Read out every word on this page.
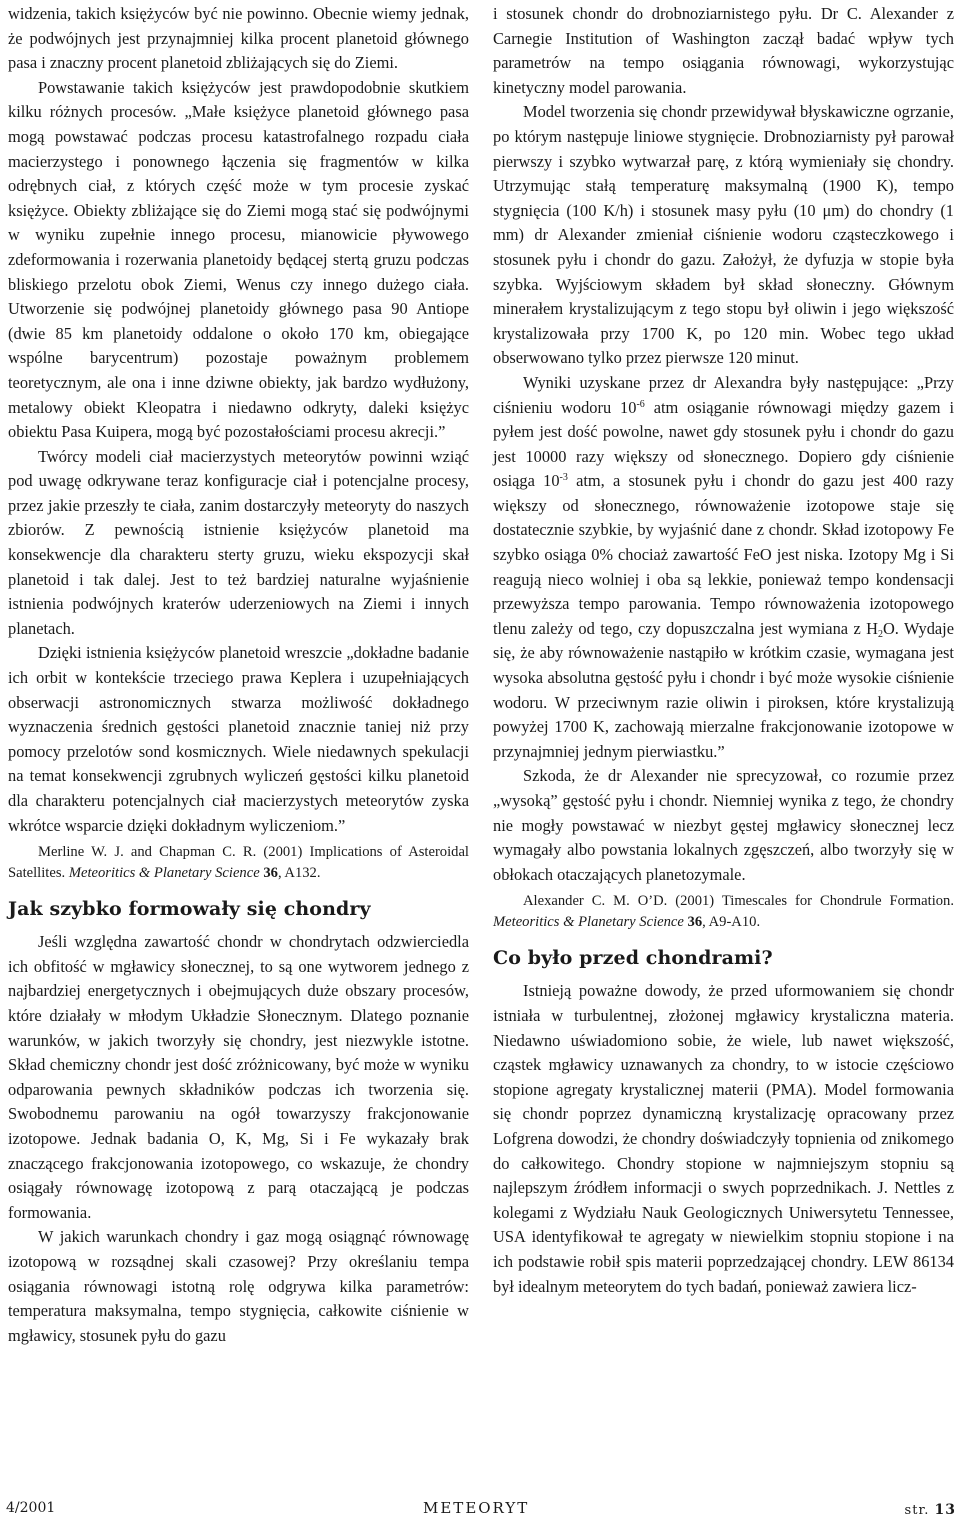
widzenia, takich księżyców być nie powinno. Obecnie wiemy jednak, że podwójnych jest przynajmniej kilka procent planetoid głównego pasa i znaczny procent planetoid zbliżających się do Ziemi.

Powstawanie takich księżyców jest prawdopodobnie skutkiem kilku różnych procesów. „Małe księżyce planetoid głównego pasa mogą powstawać podczas procesu katastrofalnego rozpadu ciała macierzystego i ponownego łączenia się fragmentów w kilka odrębnych ciał, z których część może w tym procesie zyskać księżyce. Obiekty zbliżające się do Ziemi mogą stać się podwójnymi w wyniku zupełnie innego procesu, mianowicie pływowego zdeformowania i rozerwania planetoidy będącej stertą gruzu podczas bliskiego przelotu obok Ziemi, Wenus czy innego dużego ciała. Utworzenie się podwójnej planetoidy głównego pasa 90 Antiope (dwie 85 km planetoidy oddalone o około 170 km, obiegające wspólne barycentrum) pozostaje poważnym problemem teoretycznym, ale ona i inne dziwne obiekty, jak bardzo wydłużony, metalowy obiekt Kleopatra i niedawno odkryty, daleki księżyc obiektu Pasa Kuipera, mogą być pozostałościami procesu akrecji.”

Twórcy modeli ciał macierzystych meteorytów powinni wziąć pod uwagę odkrywane teraz konfiguracje ciał i potencjalne procesy, przez jakie przeszły te ciała, zanim dostarczyły meteoryty do naszych zbiorów. Z pewnością istnienie księżyców planetoid ma konsekwencje dla charakteru sterty gruzu, wieku ekspozycji skał planetoid i tak dalej. Jest to też bardziej naturalne wyjaśnienie istnienia podwójnych kraterów uderzeniowych na Ziemi i innych planetach.

Dzięki istnienia księżyców planetoid wreszcie „dokładne badanie ich orbit w kontekście trzeciego prawa Keplera i uzupełniających obserwacji astronomicznych stwarza możliwość dokładnego wyznaczenia średnich gęstości planetoid znacznie taniej niż przy pomocy przelotów sond kosmicznych. Wiele niedawnych spekulacji na temat konsekwencji zgrubnych wyliczeń gęstości kilku planetoid dla charakteru potencjalnych ciał macierzystych meteorytów zyska wkrótce wsparcie dzięki dokładnym wyliczeniom.”

Merline W. J. and Chapman C. R. (2001) Implications of Asteroidal Satellites. Meteoritics & Planetary Science 36, A132.

Jak szybko formowały się chondry

Jeśli względna zawartość chondr w chondrytach odzwierciedla ich obfitość w mgławicy słonecznej, to są one wytworem jednego z najbardziej energetycznych i obejmujących duże obszary procesów, które działały w młodym Układzie Słonecznym. Dlatego poznanie warunków, w jakich tworzyły się chondry, jest niezwykle istotne. Skład chemiczny chondr jest dość zróżnicowany, być może w wyniku odparowania pewnych składników podczas ich tworzenia się. Swobodnemu parowaniu na ogół towarzyszy frakcjonowanie izotopowe. Jednak badania O, K, Mg, Si i Fe wykazały brak znaczącego frakcjonowania izotopowego, co wskazuje, że chondry osiągały równowagę izotopową z parą otaczającą je podczas formowania.

W jakich warunkach chondry i gaz mogą osiągnąć równowagę izotopową w rozsądnej skali czasowej? Przy określaniu tempa osiągania równowagi istotną rolę odgrywa kilka parametrów: temperatura maksymalna, tempo stygnięcia, całkowite ciśnienie w mgławicy, stosunek pyłu do gazu

i stosunek chondr do drobnoziarnistego pyłu. Dr C. Alexander z Carnegie Institution of Washington zaczął badać wpływ tych parametrów na tempo osiągania równowagi, wykorzystując kinetyczny model parowania.

Model tworzenia się chondr przewidywał błyskawiczne ogrzanie, po którym następuje liniowe stygnięcie. Drobnoziarnisty pył parował pierwszy i szybko wytwarzał parę, z którą wymieniały się chondry. Utrzymując stałą temperaturę maksymalną (1900 K), tempo stygnięcia (100 K/h) i stosunek masy pyłu (10 μm) do chondry (1 mm) dr Alexander zmieniał ciśnienie wodoru cząsteczkowego i stosunek pyłu i chondr do gazu. Założył, że dyfuzja w stopie była szybka. Wyjściowym składem był skład słoneczny. Głównym minerałem krystalizującym z tego stopu był oliwin i jego większość krystalizowała przy 1700 K, po 120 min. Wobec tego układ obserwowano tylko przez pierwsze 120 minut.

Wyniki uzyskane przez dr Alexandra były następujące: „Przy ciśnieniu wodoru $10^{-6}$ atm osiąganie równowagi między gazem i pyłem jest dość powolne, nawet gdy stosunek pyłu i chondr do gazu jest 10000 razy większy od słonecznego. Dopiero gdy ciśnienie osiąga $10^{-3}$ atm, a stosunek pyłu i chondr do gazu jest 400 razy większy od słonecznego, równoważenie izotopowe staje się dostatecznie szybkie, by wyjaśnić dane z chondr. Skład izotopowy Fe szybko osiąga 0% chociaż zawartość FeO jest niska. Izotopy Mg i Si reagują nieco wolniej i oba są lekkie, ponieważ tempo kondensacji przewyższa tempo parowania. Tempo równoważenia izotopowego tlenu zależy od tego, czy dopuszczalna jest wymiana z $H_2O$. Wydaje się, że aby równoważenie nastąpiło w krótkim czasie, wymagana jest wysoka absolutna gęstość pyłu i chondr i być może wysokie ciśnienie wodoru. W przeciwnym razie oliwin i piroksen, które krystalizują powyżej 1700 K, zachowają mierzalne frakcjonowanie izotopowe w przynajmniej jednym pierwiastku.”

Szkoda, że dr Alexander nie sprecyzował, co rozumie przez „wysoką” gęstość pyłu i chondr. Niemniej wynika z tego, że chondry nie mogły powstawać w niezbyt gęstej mgławicy słonecznej lecz wymagały albo powstania lokalnych zgęszczeń, albo tworzyły się w obłokach otaczających planetozymale.

Alexander C. M. O’D. (2001) Timescales for Chondrule Formation. Meteoritics & Planetary Science 36, A9-A10.

Co było przed chondrami?

Istnieją poważne dowody, że przed uformowaniem się chondr istniała w turbulentnej, złożonej mgławicy krystaliczna materia. Niedawno uświadomiono sobie, że wiele, lub nawet większość, cząstek mgławicy uznawanych za chondry, to w istocie częściowo stopione agregaty krystalicznej materii (PMA). Model formowania się chondr poprzez dynamiczną krystalizację opracowany przez Lofgrena dowodzi, że chondry doświadczyły topnienia od znikomego do całkowitego. Chondry stopione w najmniejszym stopniu są najlepszym źródłem informacji o swych poprzednikach. J. Nettles z kolegami z Wydziału Nauk Geologicznych Uniwersytetu Tennessee, USA identyfikował te agregaty w niewielkim stopniu stopione i na ich podstawie robił spis materii poprzedzającej chondry. LEW 86134 był idealnym meteorytem do tych badań, ponieważ zawiera licz-

4/2001	METEORYT	str. 13
